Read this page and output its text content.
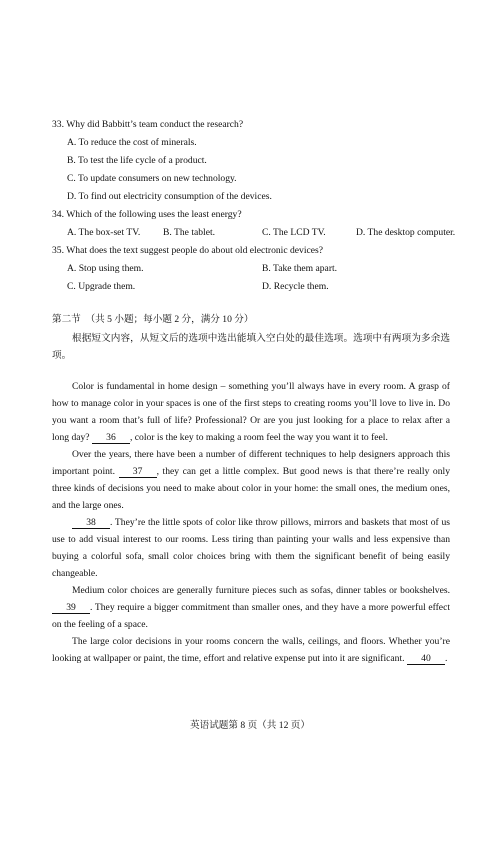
33. Why did Babbitt’s team conduct the research?
A. To reduce the cost of minerals.
B. To test the life cycle of a product.
C. To update consumers on new technology.
D. To find out electricity consumption of the devices.
34. Which of the following uses the least energy?
A. The box-set TV. B. The tablet.	C. The LCD TV.	D. The desktop computer.
35. What does the text suggest people do about old electronic devices?
A. Stop using them.	B. Take them apart.
C. Upgrade them.	D. Recycle them.
第二节　（共 5 小题；每小题 2 分，满分 10 分）
根据短文内容，从短文后的选项中选出能填入空白处的最佳选项。选项中有两项为多余选项。

Color is fundamental in home design – something you’ll always have in every room. A grasp of how to manage color in your spaces is one of the first steps to creating rooms you’ll love to live in. Do you want a room that’s full of life? Professional? Or are you just looking for a place to relax after a long day? 36 , color is the key to making a room feel the way you want it to feel.

Over the years, there have been a number of different techniques to help designers approach this important point. 37 , they can get a little complex. But good news is that there’re really only three kinds of decisions you need to make about color in your home: the small ones, the medium ones, and the large ones.

38 . They’re the little spots of color like throw pillows, mirrors and baskets that most of us use to add visual interest to our rooms. Less tiring than painting your walls and less expensive than buying a colorful sofa, small color choices bring with them the significant benefit of being easily changeable.

Medium color choices are generally furniture pieces such as sofas, dinner tables or bookshelves. 39 . They require a bigger commitment than smaller ones, and they have a more powerful effect on the feeling of a space.

The large color decisions in your rooms concern the walls, ceilings, and floors. Whether you’re looking at wallpaper or paint, the time, effort and relative expense put into it are significant. 40 .

英语试题第 8 页（共 12 页）
